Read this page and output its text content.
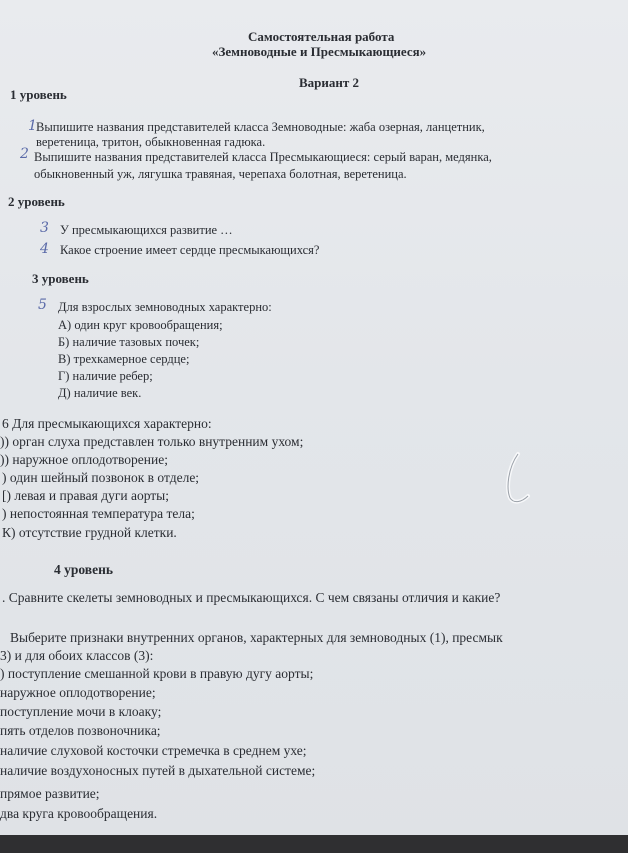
Самостоятельная работа
«Земноводные и Пресмыкающиеся»
Вариант 2
1 уровень
1 Выпишите названия представителей класса Земноводные: жаба озерная, ланцетник,
веретеница, тритон, обыкновенная гадюка.
2 Выпишите названия представителей класса Пресмыкающиеся: серый варан, медянка,
обыкновенный уж, лягушка травяная, черепаха болотная, веретеница.
2 уровень
3 У пресмыкающихся развитие …
4 Какое строение имеет сердце пресмыкающихся?
3 уровень
5 Для взрослых земноводных характерно:
А) один круг кровообращения;
Б) наличие тазовых почек;
В) трехкамерное сердце;
Г) наличие ребер;
Д) наличие век.
6 Для пресмыкающихся характерно:
)) орган слуха представлен только внутренним ухом;
)) наружное оплодотворение;
) один шейный позвонок в отделе;
[) левая и правая дуги аорты;
) непостоянная температура тела;
К) отсутствие грудной клетки.
4 уровень
. Сравните скелеты земноводных и пресмыкающихся. С чем связаны отличия и какие?
Выберите признаки внутренних органов, характерных для земноводных (1), пресмык
3) и для обоих классов (3):
) поступление смешанной крови в правую дугу аорты;
наружное оплодотворение;
поступление мочи в клоаку;
пять отделов позвоночника;
наличие слуховой косточки стремечка в среднем ухе;
наличие воздухоносных путей в дыхательной системе;
прямое развитие;
два круга кровообращения.
